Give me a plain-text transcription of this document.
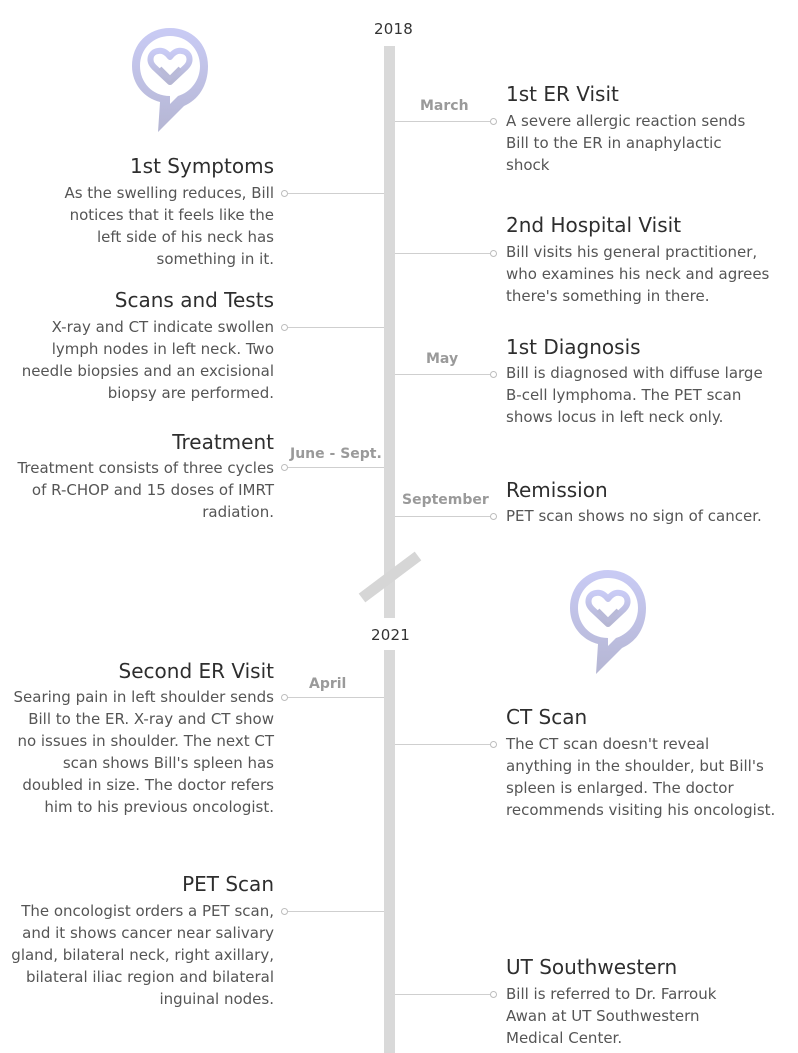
2018
2021
March 1st ER Visit
A severe allergic reaction sends Bill to the ER in anaphylactic shock
1st Symptoms
As the swelling reduces, Bill notices that it feels like the left side of his neck has something in it.
2nd Hospital Visit
Bill visits his general practitioner, who examines his neck and agrees there's something in there.
Scans and Tests
X-ray and CT indicate swollen lymph nodes in left neck. Two needle biopsies and an excisional biopsy are performed.
May 1st Diagnosis
Bill is diagnosed with diffuse large B-cell lymphoma. The PET scan shows locus in left neck only.
June - Sept.
Treatment
Treatment consists of three cycles of R-CHOP and 15 doses of IMRT radiation.
September Remission
PET scan shows no sign of cancer.
April
Second ER Visit
Searing pain in left shoulder sends Bill to the ER. X-ray and CT show no issues in shoulder. The next CT scan shows Bill's spleen has doubled in size. The doctor refers him to his previous oncologist.
CT Scan
The CT scan doesn't reveal anything in the shoulder, but Bill's spleen is enlarged. The doctor recommends visiting his oncologist.
PET Scan
The oncologist orders a PET scan, and it shows cancer near salivary gland, bilateral neck, right axillary, bilateral iliac region and bilateral inguinal nodes.
UT Southwestern
Bill is referred to Dr. Farrouk Awan at UT Southwestern Medical Center.
